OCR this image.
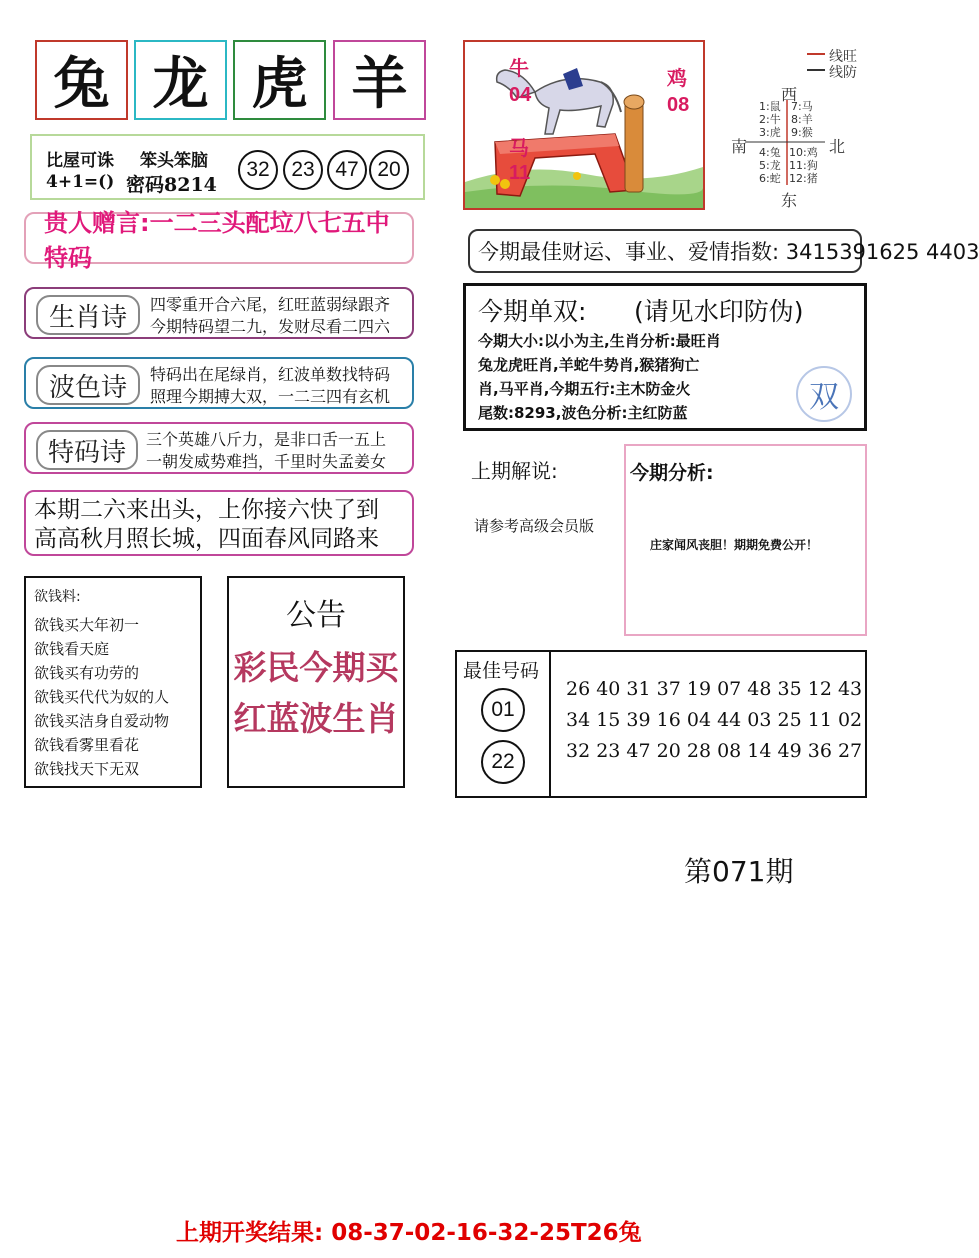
兔 龙 虎 羊
比屋可诛 笨头笨脑
4+1=() 密码8214
32	23 47 20
贵人赠言:一二三头配垃八七五中特码
生肖诗	四零重开合六尾，红旺蓝弱绿跟齐
今期特码望二九，发财尽看二四六
波色诗	特码出在尾绿肖，红波单数找特码
照理今期搏大双，一二三四有玄机
特码诗	三个英雄八斤力，是非口舌一五上
一朝发威势难挡，千里时失孟姜女
本期二六来出头，上你接六快了到
高高秋月照长城，四面春风同路来
欲钱料:
欲钱买大年初一
欲钱看天庭
欲钱买有功劳的
欲钱买代代为奴的人
欲钱买洁身自爱动物
欲钱看雾里看花
欲钱找天下无双
公告
彩民今期买
红蓝波生肖
牛
04
鸡
08
马
11
线旺
线防
西
南	北
东
1:鼠
2:牛
3:虎
7:马
8:羊
9:猴
4:兔
5:龙
6:蛇
10:鸡
11:狗
12:猪
今期最佳财运、事业、爱情指数: 3415391625 4403
今期单双: (请见水印防伪)
今期大小:以小为主,生肖分析:最旺肖
兔龙虎旺肖,羊蛇牛势肖,猴猪狗亡
肖,马平肖,今期五行:主木防金火
尾数:8293,波色分析:主红防蓝	双
上期解说:
请参考高级会员版
今期分析:
庄家闻风丧胆！期期免费公开！
最佳号码
01
22
26 40 31 37 19 07 48 35 12 43
34 15 39 16 04 44 03 25 11 02
32 23 47 20 28 08 14 49 36 27
第071期
上期开奖结果: 08-37-02-16-32-25T26兔
